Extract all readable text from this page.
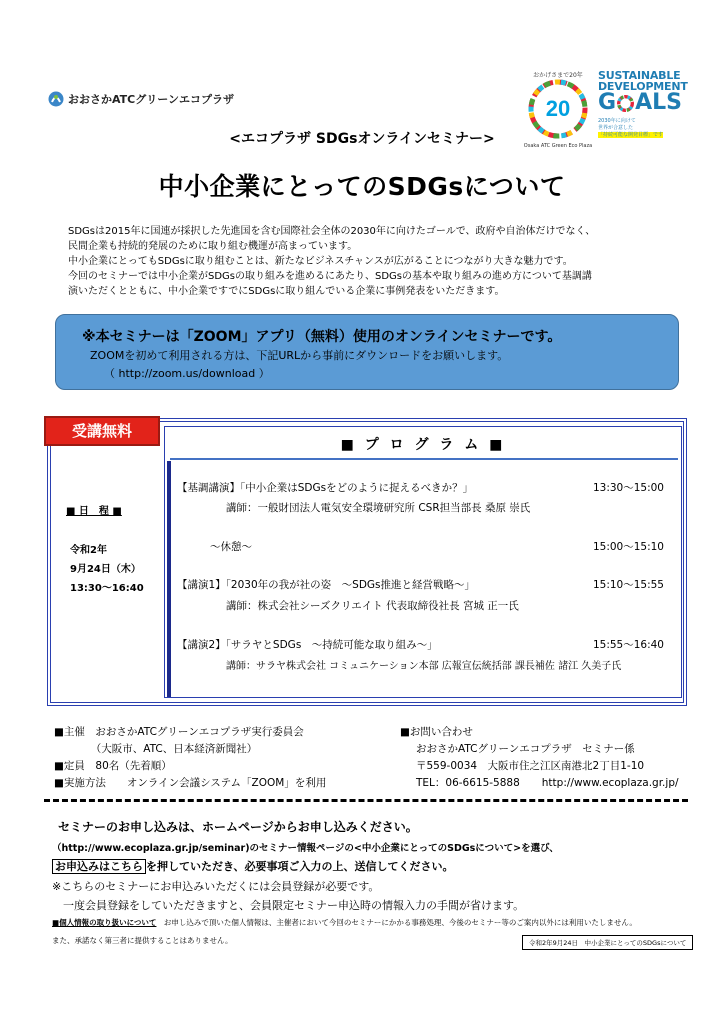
おおさかATCグリーンエコプラザ
おかげさまで20年
20
Osaka ATC Green Eco Plaza
SUSTAINABLE
DEVELOPMENT
G ALS
2030年に向けて
世界が合意した
「持続可能な開発目標」です
<エコプラザ SDGsオンラインセミナー>
中小企業にとってのSDGsについて

SDGsは2015年に国連が採択した先進国を含む国際社会全体の2030年に向けたゴールで、政府や自治体だけでなく、

民間企業も持続的発展のために取り組む機運が高まっています。

中小企業にとってもSDGsに取り組むことは、新たなビジネスチャンスが広がることにつながり大きな魅力です。

今回のセミナーでは中小企業がSDGsの取り組みを進めるにあたり、SDGsの基本や取り組みの進め方について基調講

演いただくとともに、中小企業ですでにSDGsに取り組んでいる企業に事例発表をいただきます。

※本セミナーは「ZOOM」アプリ（無料）使用のオンラインセミナーです。
ZOOMを初めて利用される方は、下記URLから事前にダウンロードをお願いします。
（ http://zoom.us/download ）
受講無料
■ プ ロ グ ラ ム ■
■ 日　程 ■
令和2年
9月24日（木）
13:30～16:40
【基調講演】「中小企業はSDGsをどのように捉えるべきか？」	13:30～15:00
講師：一般財団法人電気安全環境研究所 CSR担当部長 桑原 崇氏
～休憩～	15:00～15:10
【講演1】「2030年の我が社の姿　～SDGs推進と経営戦略～」	15:10～15:55
講師：株式会社シーズクリエイト 代表取締役社長 宮城 正一氏
【講演2】「サラヤとSDGs　～持続可能な取り組み～」	15:55～16:40
講師：サラヤ株式会社 コミュニケーション本部 広報宣伝統括部 課長補佐 諸江 久美子氏
■主催　おおさかATCグリーンエコプラザ実行委員会
　　　　（大阪市、ATC、日本経済新聞社）
■定員　80名（先着順）
■実施方法　　オンライン会議システム「ZOOM」を利用
■お問い合わせ
おおさかATCグリーンエコプラザ　セミナー係
〒559-0034　大阪市住之江区南港北2丁目1-10
TEL：06-6615-5888 http://www.ecoplaza.gr.jp/
セミナーのお申し込みは、ホームページからお申し込みください。
（http://www.ecoplaza.gr.jp/seminar)のセミナー情報ページの<中小企業にとってのSDGsについて>を選び、
お申込みはこちら を押していただき、必要事項ご入力の上、送信してください。
※こちらのセミナーにお申込みいただくには会員登録が必要です。
　一度会員登録をしていただきますと、会員限定セミナー申込時の情報入力の手間が省けます。
■個人情報の取り扱いについて　お申し込みで頂いた個人情報は、主催者において今回のセミナーにかかる事務処理、今後のセミナー等のご案内以外には利用いたしません。
また、承諾なく第三者に提供することはありません。	令和2年9月24日　中小企業にとってのSDGsについて
